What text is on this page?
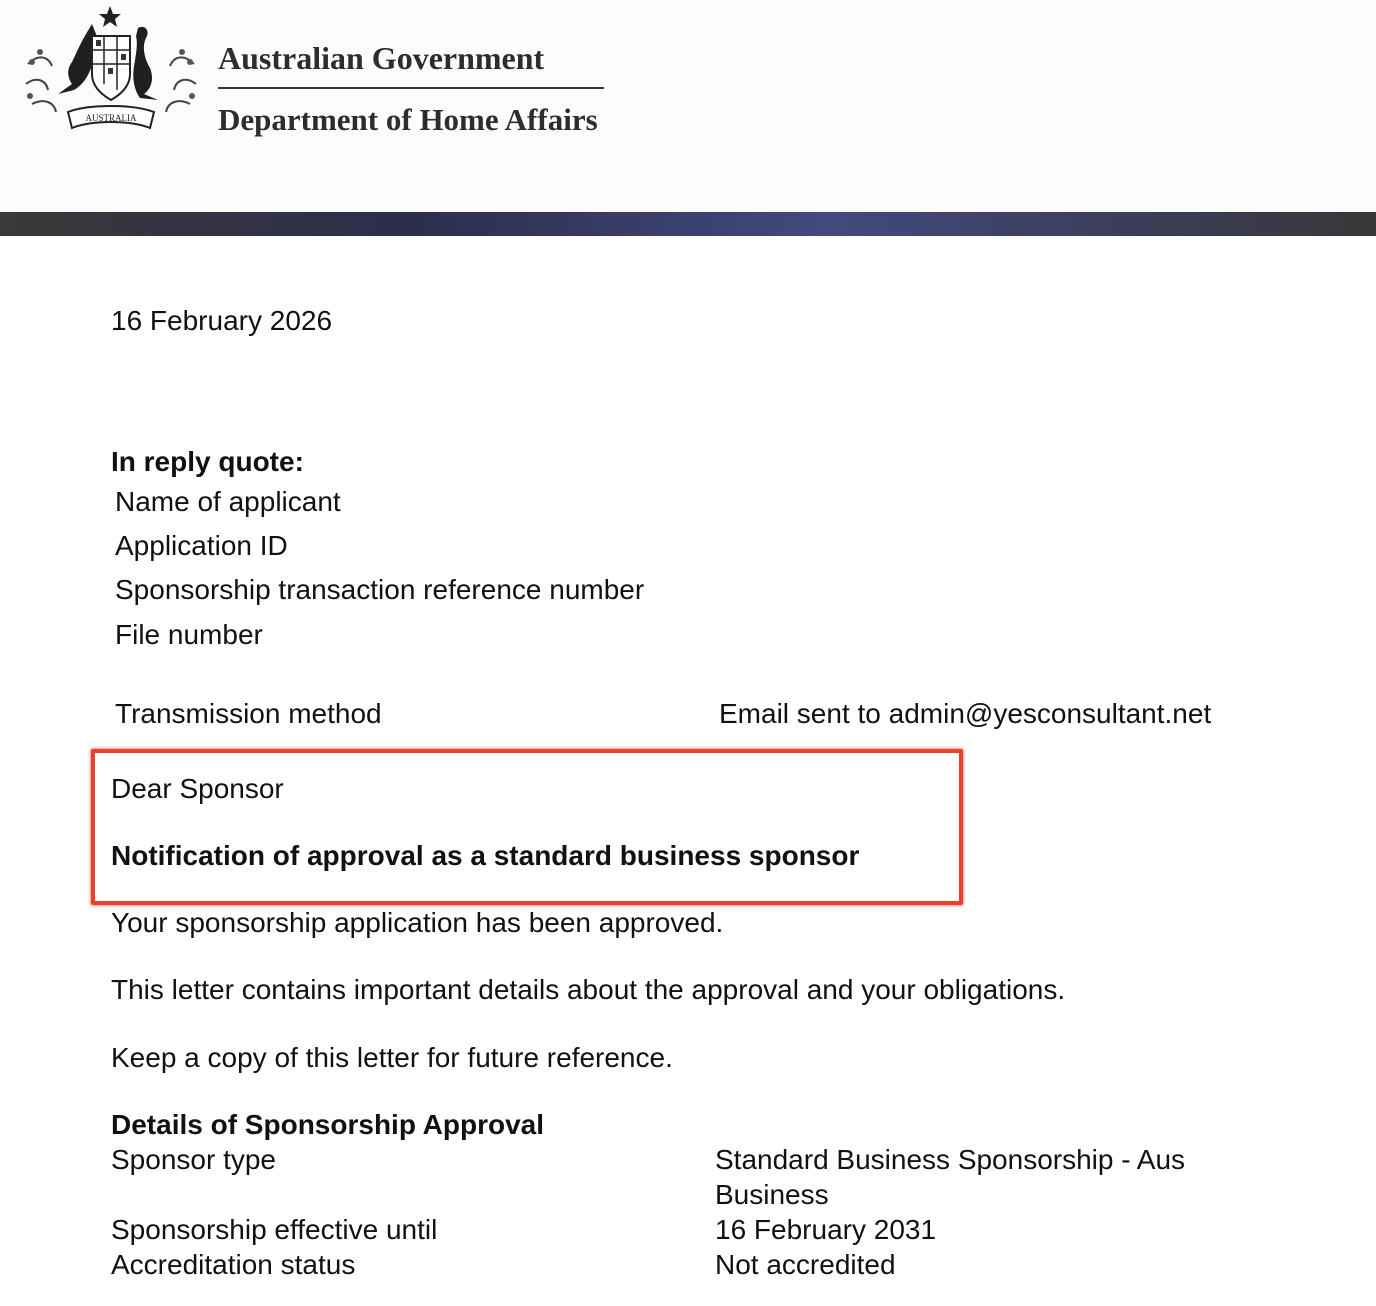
AUSTRALIA
Australian Government
Department of Home Affairs
16 February 2026
In reply quote:
Name of applicant
Application ID
Sponsorship transaction reference number
File number
Transmission method	Email sent to admin@yesconsultant.net
Dear Sponsor
Notification of approval as a standard business sponsor
Your sponsorship application has been approved.
This letter contains important details about the approval and your obligations.
Keep a copy of this letter for future reference.
Details of Sponsorship Approval
Sponsor type	Standard Business Sponsorship - Aus
Business
Sponsorship effective until	16 February 2031
Accreditation status	Not accredited
